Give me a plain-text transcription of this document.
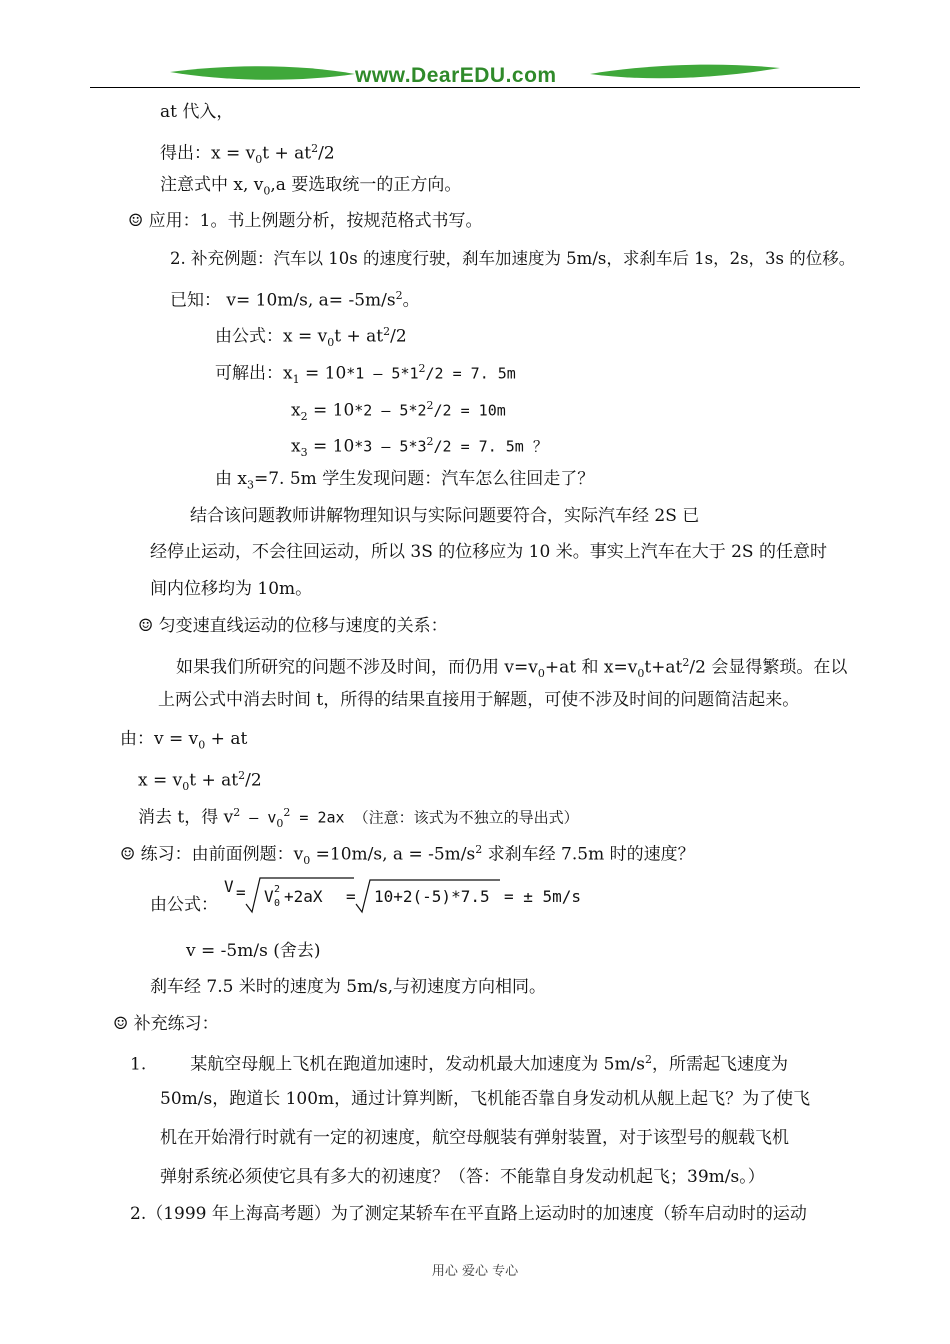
www.DearEDU.com
at 代入，
得出：$x = v_0t + at^2/2$
注意式中 x, $v_0,a$ 要选取统一的正方向。
☺ 应用：1。书上例题分析，按规范格式书写。
2. 补充例题：汽车以 10s 的速度行驶，刹车加速度为 5m/s，求刹车后 1s，2s，3s 的位移。
已知： v= 10m/s, $a= -5m/s^2$。
由公式：$x = v_0t + at^2/2$
可解出：$x_1 = 10*1 - 5*1^2/2 = 7$. 5m
$x_2 = 10*2 - 5*2^2/2 = 10m$
$x_3 = 10*3 - 5*3^2/2 = 7$. 5m ？
由 $x_3=7$. 5m 学生发现问题：汽车怎么往回走了？
结合该问题教师讲解物理知识与实际问题要符合，实际汽车经 2S 已
经停止运动，不会往回运动，所以 3S 的位移应为 10 米。事实上汽车在大于 2S 的任意时
间内位移均为 10m。
☺ 匀变速直线运动的位移与速度的关系：
如果我们所研究的问题不涉及时间，而仍用 $v=v_0+at$ 和 $x=v_0t+at^2/2$ 会显得繁琐。在以
上两公式中消去时间 t，所得的结果直接用于解题，可使不涉及时间的问题简洁起来。
由：$v = v_0$ + at
$x = v_0t + at^2/2$
消去 t，得 $v^2 - v_0^2 = 2ax$ （注意：该式为不独立的导出式）
☺ 练习：由前面例题：$v_0 =10m/s$, $a = -5m/s^2$ 求刹车经 7.5m 时的速度？
由公式：
V = V 0
2 +2aX = 10+2(-5)*7.5 = ± 5m/s
v = -5m/s (舍去)
刹车经 7.5 米时的速度为 5m/s,与初速度方向相同。
☺ 补充练习：
1.	某航空母舰上飞机在跑道加速时，发动机最大加速度为 $5m/s^2$，所需起飞速度为
50m/s，跑道长 100m，通过计算判断，飞机能否靠自身发动机从舰上起飞？为了使飞
机在开始滑行时就有一定的初速度，航空母舰装有弹射装置，对于该型号的舰载飞机
弹射系统必须使它具有多大的初速度？（答：不能靠自身发动机起飞；39m/s。）
2.（1999 年上海高考题）为了测定某轿车在平直路上运动时的加速度（轿车启动时的运动
用心 爱心 专心
